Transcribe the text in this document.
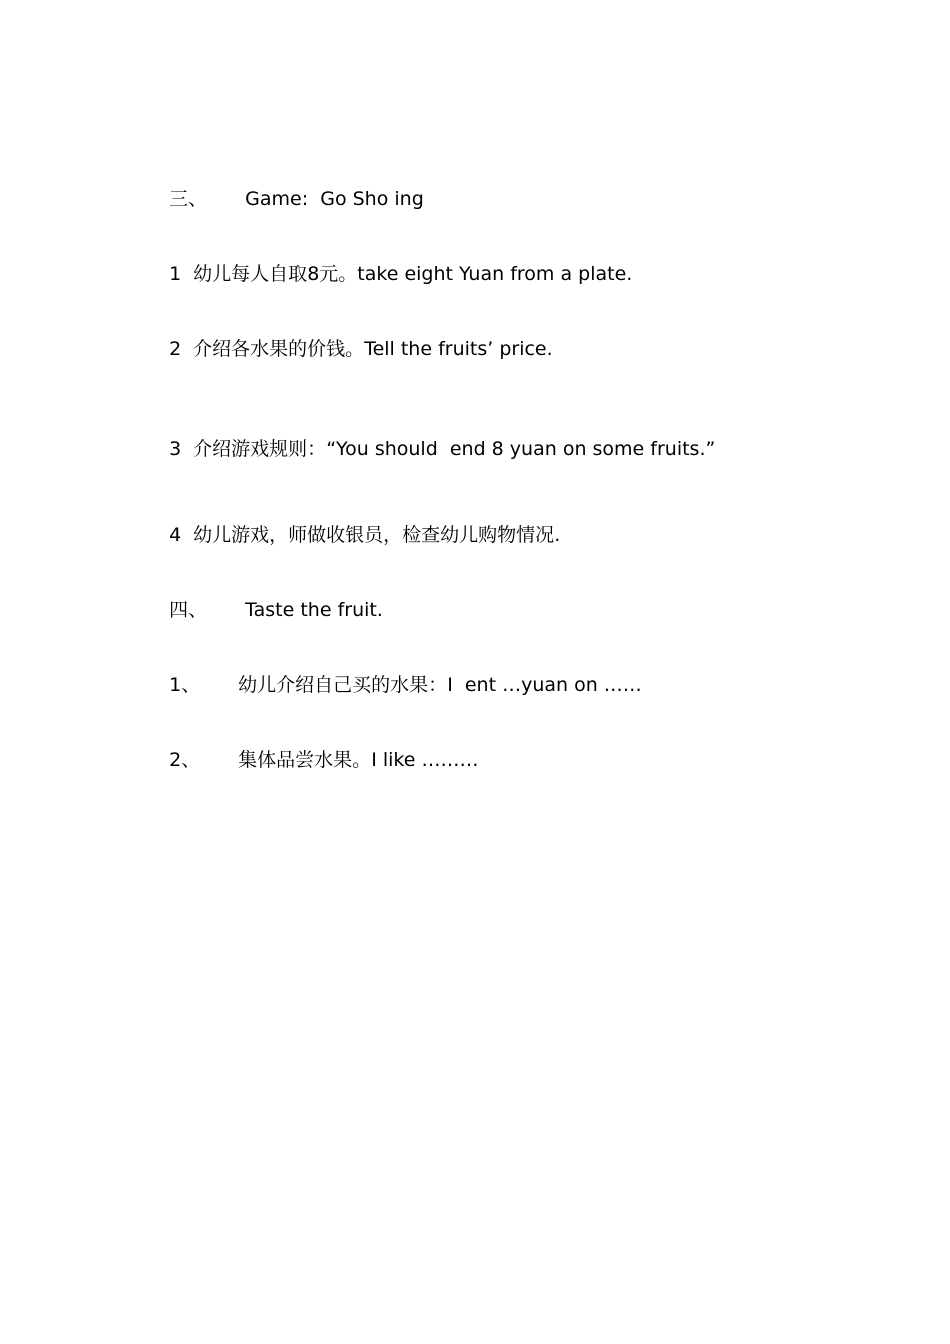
三、 Game:  Go Sho ing

1 幼儿每人自取8元。take eight Yuan from a plate.

2 介绍各水果的价钱。Tell the fruits’ price.

3 介绍游戏规则：“You should  end 8 yuan on some fruits.”

4 幼儿游戏，师做收银员，检查幼儿购物情况.

四、 Taste the fruit.

1、 幼儿介绍自己买的水果：I  ent …yuan on ……

2、 集体品尝水果。I like ………
